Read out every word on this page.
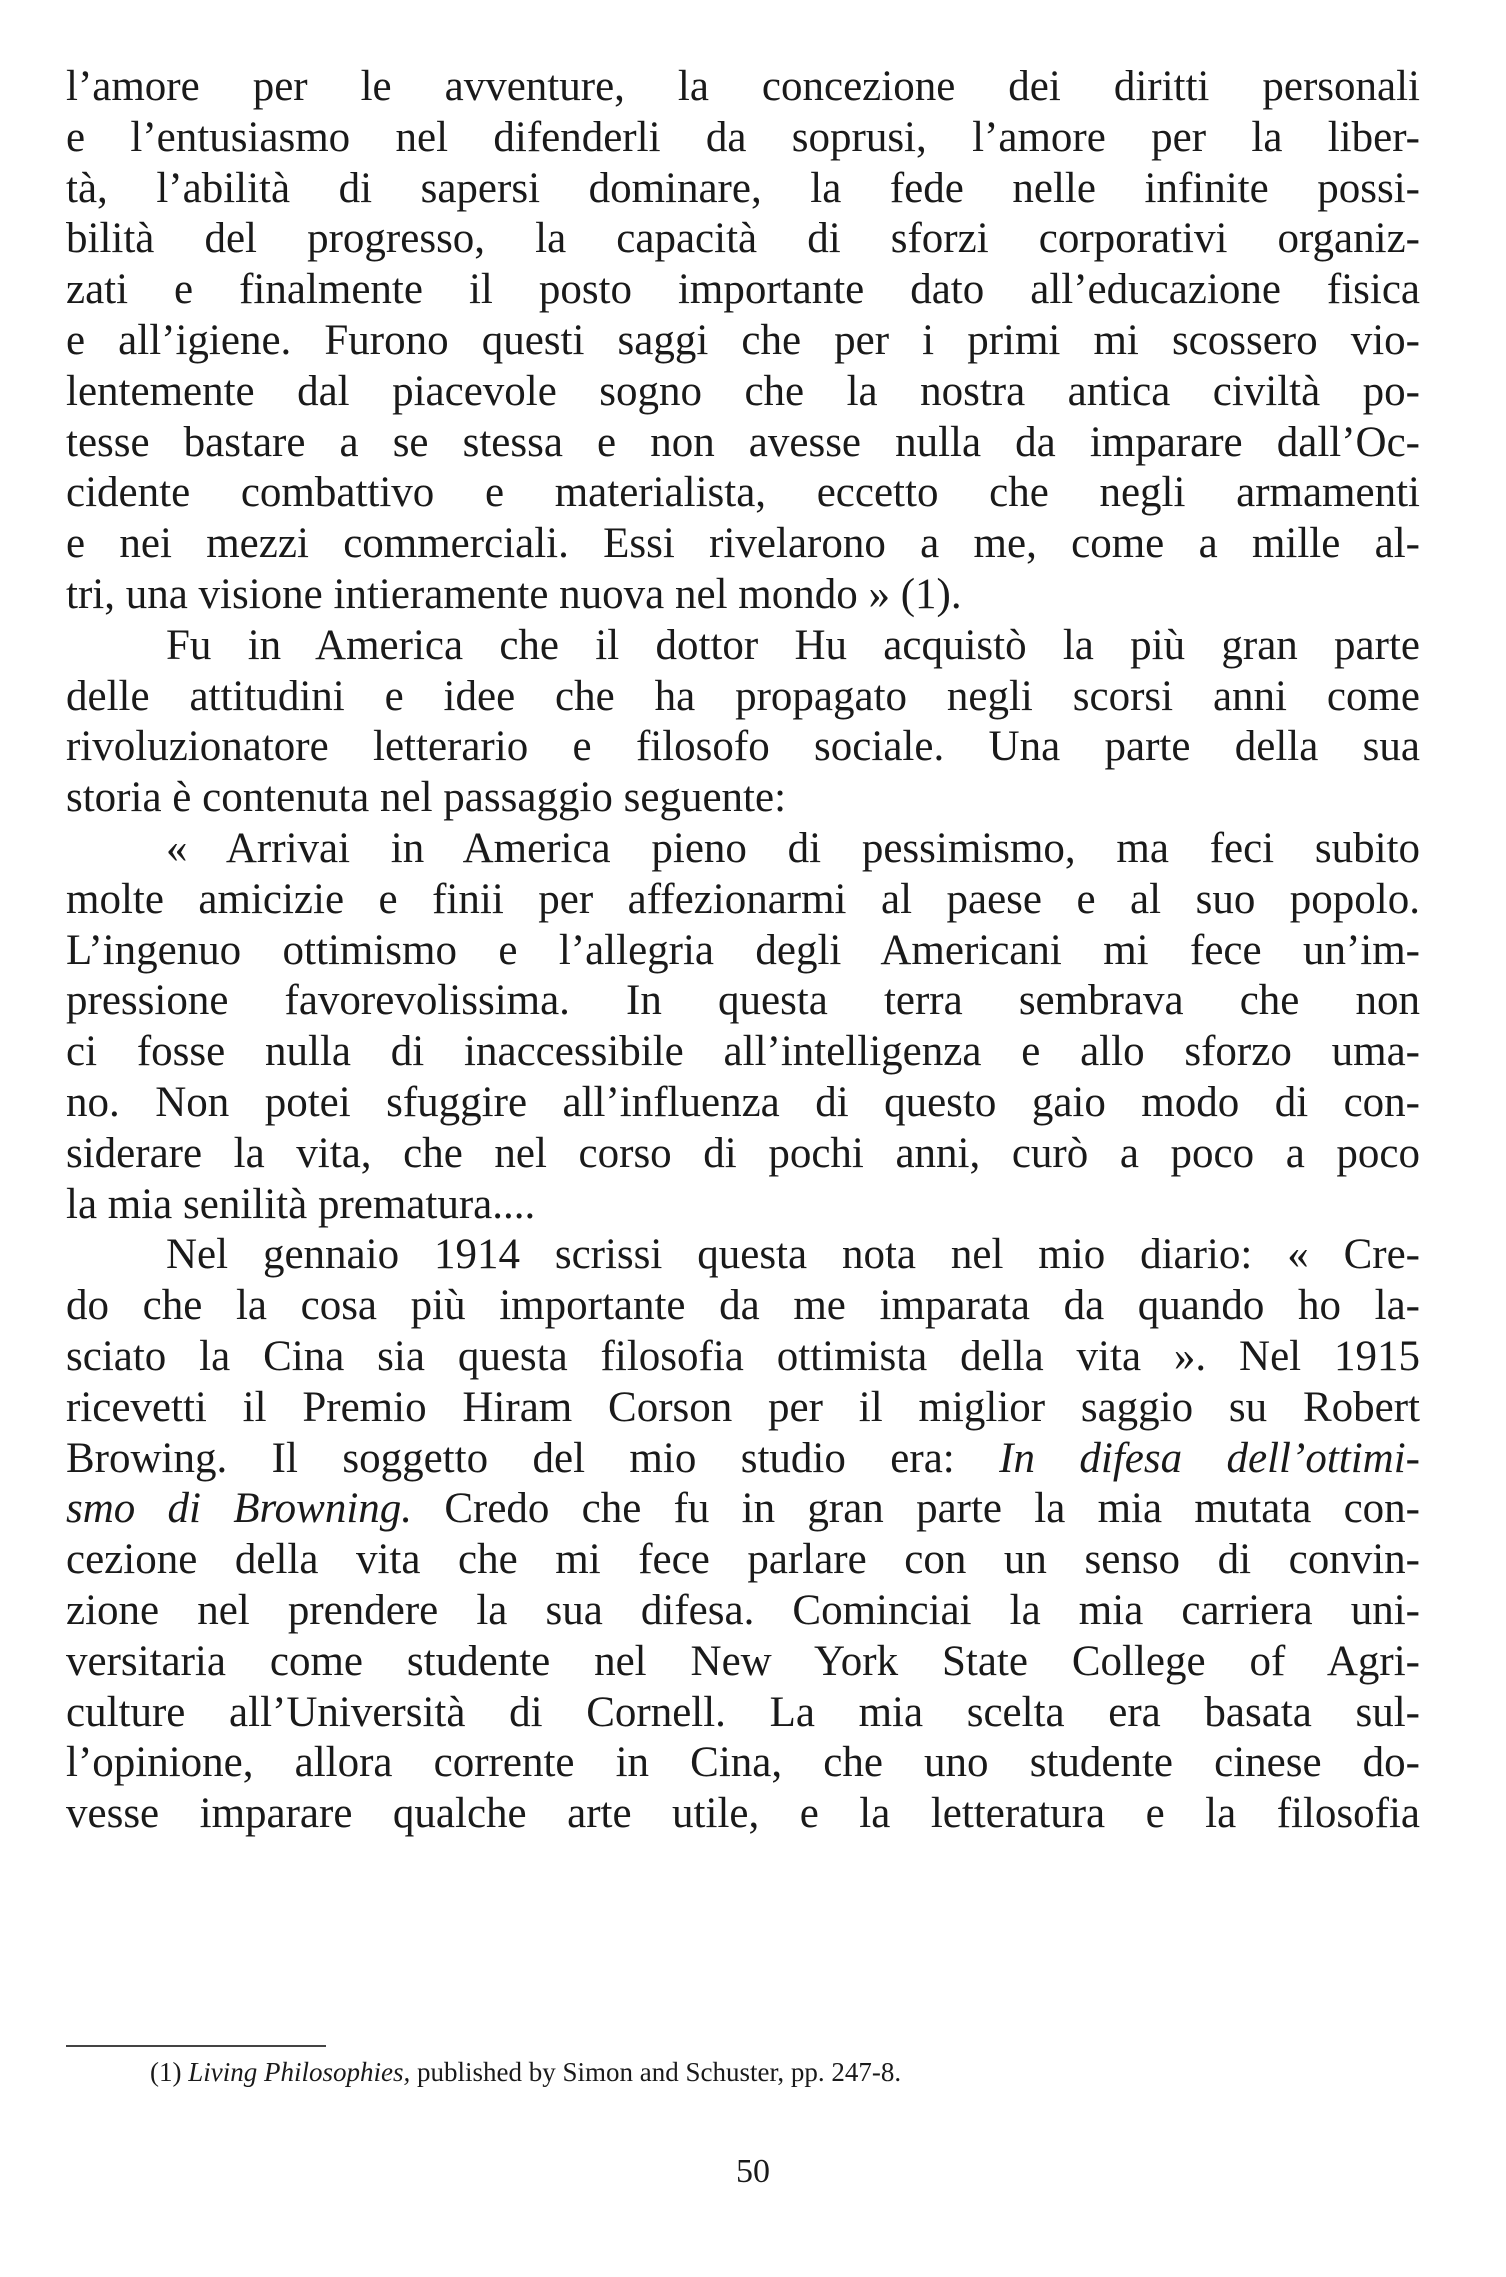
l’amore per le avventure, la concezione dei diritti personali
e l’entusiasmo nel difenderli da soprusi, l’amore per la liber-
tà, l’abilità di sapersi dominare, la fede nelle infinite possi-
bilità del progresso, la capacità di sforzi corporativi organiz-
zati e finalmente il posto importante dato all’educazione fisica
e all’igiene. Furono questi saggi che per i primi mi scossero vio-
lentemente dal piacevole sogno che la nostra antica civiltà po-
tesse bastare a se stessa e non avesse nulla da imparare dall’Oc-
cidente combattivo e materialista, eccetto che negli armamenti
e nei mezzi commerciali. Essi rivelarono a me, come a mille al-
tri, una visione intieramente nuova nel mondo » (1).
Fu in America che il dottor Hu acquistò la più gran parte
delle attitudini e idee che ha propagato negli scorsi anni come
rivoluzionatore letterario e filosofo sociale. Una parte della sua
storia è contenuta nel passaggio seguente:
« Arrivai in America pieno di pessimismo, ma feci subito
molte amicizie e finii per affezionarmi al paese e al suo popolo.
L’ingenuo ottimismo e l’allegria degli Americani mi fece un’im-
pressione favorevolissima. In questa terra sembrava che non
ci fosse nulla di inaccessibile all’intelligenza e allo sforzo uma-
no. Non potei sfuggire all’influenza di questo gaio modo di con-
siderare la vita, che nel corso di pochi anni, curò a poco a poco
la mia senilità prematura....
Nel gennaio 1914 scrissi questa nota nel mio diario: « Cre-
do che la cosa più importante da me imparata da quando ho la-
sciato la Cina sia questa filosofia ottimista della vita ». Nel 1915
ricevetti il Premio Hiram Corson per il miglior saggio su Robert
Browing. Il soggetto del mio studio era: In difesa dell’ottimi-
smo di Browning. Credo che fu in gran parte la mia mutata con-
cezione della vita che mi fece parlare con un senso di convin-
zione nel prendere la sua difesa. Cominciai la mia carriera uni-
versitaria come studente nel New York State College of Agri-
culture all’Università di Cornell. La mia scelta era basata sul-
l’opinione, allora corrente in Cina, che uno studente cinese do-
vesse imparare qualche arte utile, e la letteratura e la filosofia
(1) Living Philosophies, published by Simon and Schuster, pp. 247-8.
50
